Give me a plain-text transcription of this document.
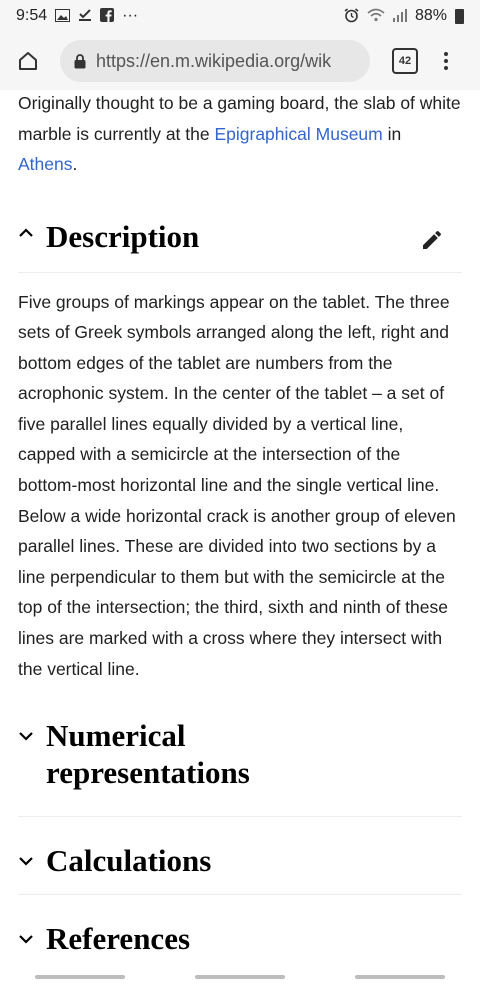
9:54	···	88%
https://en.m.wikipedia.org/wik	42

Originally thought to be a gaming board, the slab of white marble is currently at the Epigraphical Museum in Athens.

Description

Five groups of markings appear on the tablet. The three sets of Greek symbols arranged along the left, right and bottom edges of the tablet are numbers from the acrophonic system. In the center of the tablet – a set of five parallel lines equally divided by a vertical line, capped with a semicircle at the intersection of the bottom-most horizontal line and the single vertical line. Below a wide horizontal crack is another group of eleven parallel lines. These are divided into two sections by a line perpendicular to them but with the semicircle at the top of the intersection; the third, sixth and ninth of these lines are marked with a cross where they intersect with the vertical line.

Numerical
representations
Calculations
References
